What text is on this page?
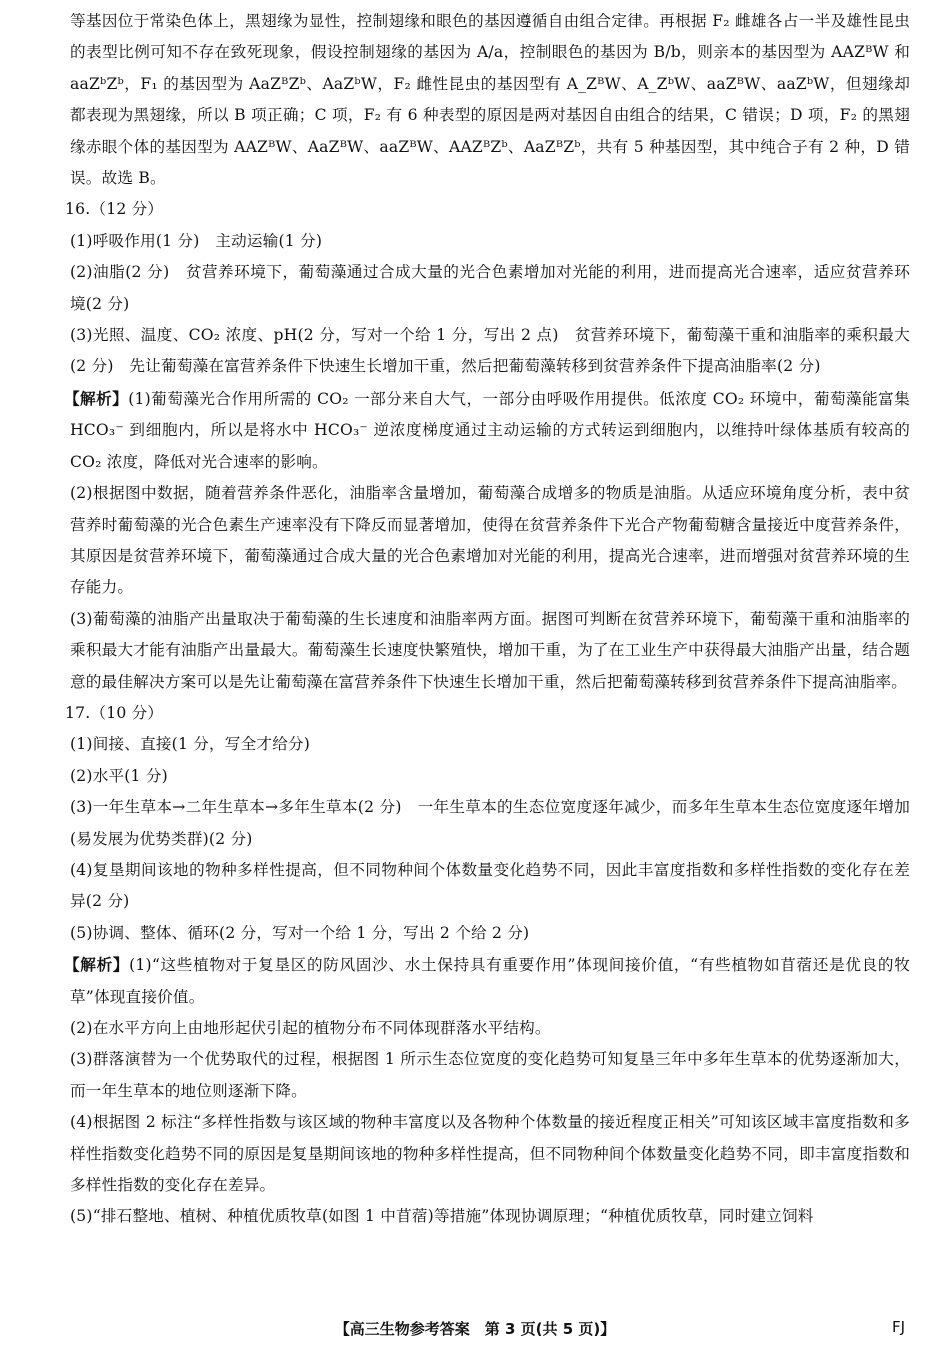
等基因位于常染色体上，黑翅缘为显性，控制翅缘和眼色的基因遵循自由组合定律。再根据 F₂ 雌雄各占一半及雄性昆虫的表型比例可知不存在致死现象，假设控制翅缘的基因为 A/a，控制眼色的基因为 B/b，则亲本的基因型为 AAZᴮW 和 aaZᵇZᵇ，F₁ 的基因型为 AaZᴮZᵇ、AaZᵇW，F₂ 雌性昆虫的基因型有 A_ZᴮW、A_ZᵇW、aaZᴮW、aaZᵇW，但翅缘却都表现为黑翅缘，所以 B 项正确；C 项，F₂ 有 6 种表型的原因是两对基因自由组合的结果，C 错误；D 项，F₂ 的黑翅缘赤眼个体的基因型为 AAZᴮW、AaZᴮW、aaZᴮW、AAZᴮZᵇ、AaZᴮZᵇ，共有 5 种基因型，其中纯合子有 2 种，D 错误。故选 B。

16.（12 分）

(1)呼吸作用(1 分)　主动运输(1 分)

(2)油脂(2 分)　贫营养环境下，葡萄藻通过合成大量的光合色素增加对光能的利用，进而提高光合速率，适应贫营养环境(2 分)

(3)光照、温度、CO₂ 浓度、pH(2 分，写对一个给 1 分，写出 2 点)　贫营养环境下，葡萄藻干重和油脂率的乘积最大(2 分)　先让葡萄藻在富营养条件下快速生长增加干重，然后把葡萄藻转移到贫营养条件下提高油脂率(2 分)

【解析】(1)葡萄藻光合作用所需的 CO₂ 一部分来自大气，一部分由呼吸作用提供。低浓度 CO₂ 环境中，葡萄藻能富集 HCO₃⁻ 到细胞内，所以是将水中 HCO₃⁻ 逆浓度梯度通过主动运输的方式转运到细胞内，以维持叶绿体基质有较高的 CO₂ 浓度，降低对光合速率的影响。

(2)根据图中数据，随着营养条件恶化，油脂率含量增加，葡萄藻合成增多的物质是油脂。从适应环境角度分析，表中贫营养时葡萄藻的光合色素生产速率没有下降反而显著增加，使得在贫营养条件下光合产物葡萄糖含量接近中度营养条件，其原因是贫营养环境下，葡萄藻通过合成大量的光合色素增加对光能的利用，提高光合速率，进而增强对贫营养环境的生存能力。

(3)葡萄藻的油脂产出量取决于葡萄藻的生长速度和油脂率两方面。据图可判断在贫营养环境下，葡萄藻干重和油脂率的乘积最大才能有油脂产出量最大。葡萄藻生长速度快繁殖快，增加干重，为了在工业生产中获得最大油脂产出量，结合题意的最佳解决方案可以是先让葡萄藻在富营养条件下快速生长增加干重，然后把葡萄藻转移到贫营养条件下提高油脂率。

17.（10 分）

(1)间接、直接(1 分，写全才给分)

(2)水平(1 分)

(3)一年生草本→二年生草本→多年生草本(2 分)　一年生草本的生态位宽度逐年减少，而多年生草本生态位宽度逐年增加(易发展为优势类群)(2 分)

(4)复垦期间该地的物种多样性提高，但不同物种间个体数量变化趋势不同，因此丰富度指数和多样性指数的变化存在差异(2 分)

(5)协调、整体、循环(2 分，写对一个给 1 分，写出 2 个给 2 分)

【解析】(1)“这些植物对于复垦区的防风固沙、水土保持具有重要作用”体现间接价值，“有些植物如苜蓿还是优良的牧草”体现直接价值。

(2)在水平方向上由地形起伏引起的植物分布不同体现群落水平结构。

(3)群落演替为一个优势取代的过程，根据图 1 所示生态位宽度的变化趋势可知复垦三年中多年生草本的优势逐渐加大，而一年生草本的地位则逐渐下降。

(4)根据图 2 标注“多样性指数与该区域的物种丰富度以及各物种个体数量的接近程度正相关”可知该区域丰富度指数和多样性指数变化趋势不同的原因是复垦期间该地的物种多样性提高，但不同物种间个体数量变化趋势不同，即丰富度指数和多样性指数的变化存在差异。

(5)“排石整地、植树、种植优质牧草(如图 1 中苜蓿)等措施”体现协调原理；“种植优质牧草，同时建立饲料

【高三生物参考答案　第 3 页(共 5 页)】	FJ
